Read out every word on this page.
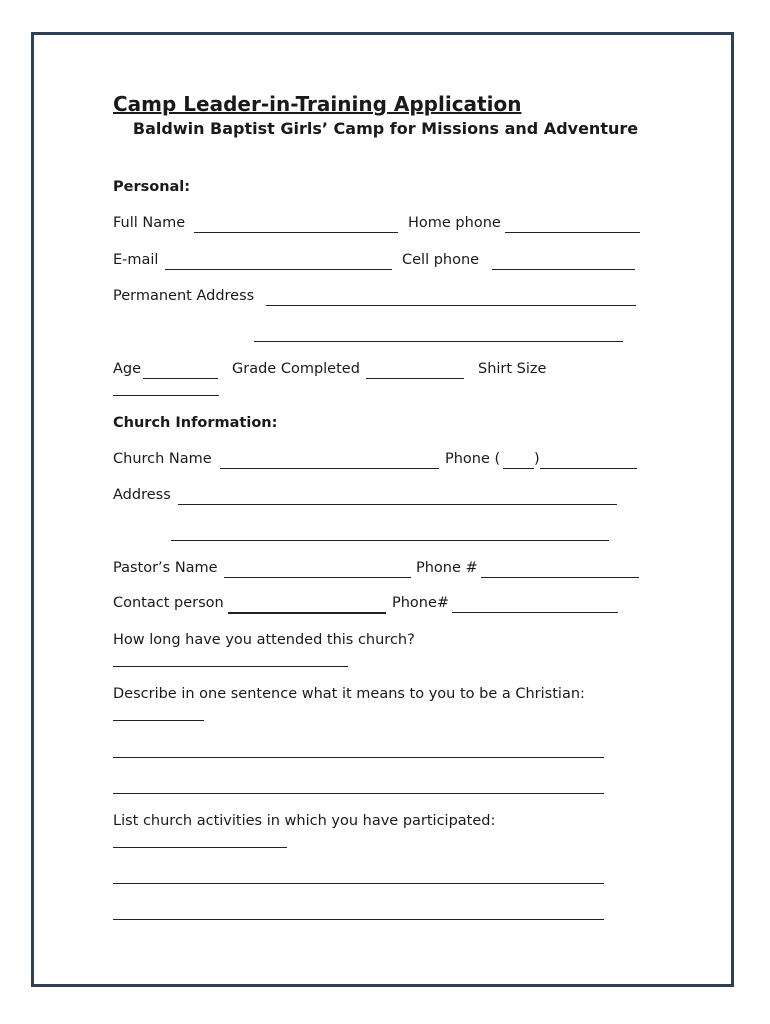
Camp Leader-in-Training Application
Baldwin Baptist Girls’ Camp for Missions and Adventure
Personal:
Full Name	Home phone
E-mail	Cell phone
Permanent Address
Age	Grade Completed	Shirt Size
Church Information:
Church Name	Phone ( )
Address
Pastor’s Name	Phone #
Contact person	Phone#
How long have you attended this church?
Describe in one sentence what it means to you to be a Christian:
List church activities in which you have participated:
